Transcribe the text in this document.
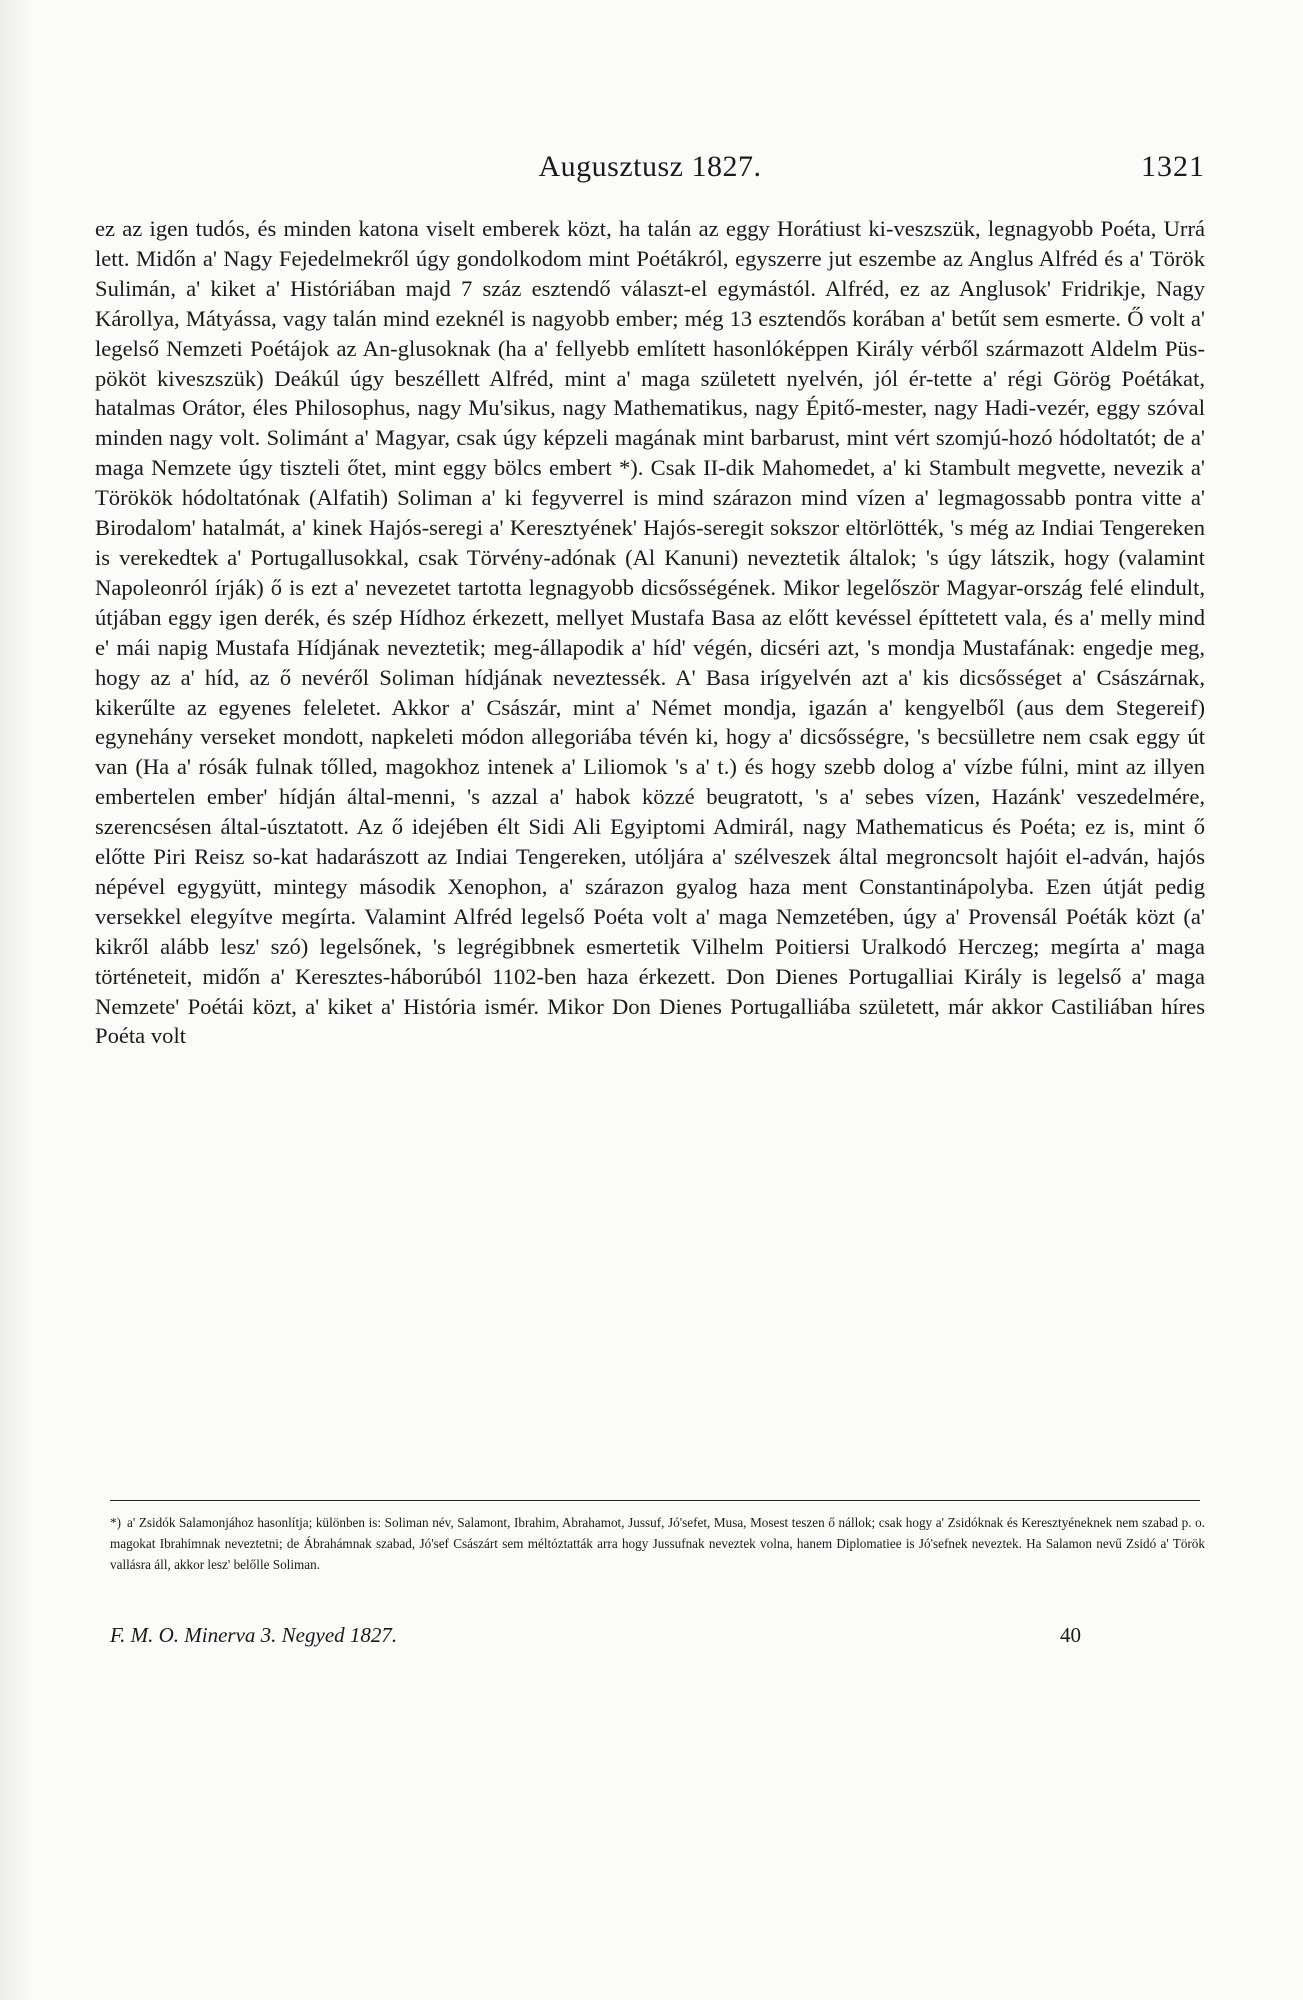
Augusztusz 1827.	1321

ez az igen tudós, és minden katona viselt emberek közt, ha talán az eggy Horátiust ki-veszszük, legnagyobb Poéta, Urrá lett. Midőn a' Nagy Fejedelmekről úgy gondolkodom mint Poétákról, egyszerre jut eszembe az Anglus Alfréd és a' Török Sulimán, a' kiket a' Históriában majd 7 száz esztendő választ-el egymástól. Alfréd, ez az Anglusok' Fridrikje, Nagy Károllya, Mátyássa, vagy talán mind ezeknél is nagyobb ember; még 13 esztendős korában a' betűt sem esmerte. Ő volt a' legelső Nemzeti Poétájok az An-glusoknak (ha a' fellyebb említett hasonlóképpen Király vérből származott Aldelm Püs-pököt kiveszszük) Deákúl úgy beszéllett Alfréd, mint a' maga született nyelvén, jól ér-tette a' régi Görög Poétákat, hatalmas Orátor, éles Philosophus, nagy Mu'sikus, nagy Mathematikus, nagy Épitő-mester, nagy Hadi-vezér, eggy szóval minden nagy volt. Solimánt a' Magyar, csak úgy képzeli magának mint barbarust, mint vért szomjú-hozó hódoltatót; de a' maga Nemzete úgy tiszteli őtet, mint eggy bölcs embert *). Csak II-dik Mahomedet, a' ki Stambult megvette, nevezik a' Törökök hódoltatónak (Alfatih) Soliman a' ki fegyverrel is mind szárazon mind vízen a' legmagossabb pontra vitte a' Birodalom' hatalmát, a' kinek Hajós-seregi a' Keresztyének' Hajós-seregit sokszor eltörlötték, 's még az Indiai Tengereken is verekedtek a' Portugallusokkal, csak Törvény-adónak (Al Kanuni) neveztetik általok; 's úgy látszik, hogy (valamint Napoleonról írják) ő is ezt a' nevezetet tartotta legnagyobb dicsősségének. Mikor legelőször Magyar-ország felé elindult, útjában eggy igen derék, és szép Hídhoz érkezett, mellyet Mustafa Basa az előtt kevéssel építtetett vala, és a' melly mind e' mái napig Mustafa Hídjának neveztetik; meg-állapodik a' híd' végén, dicséri azt, 's mondja Mustafának: engedje meg, hogy az a' híd, az ő nevéről Soliman hídjának neveztessék. A' Basa irígyelvén azt a' kis dicsősséget a' Császárnak, kikerűlte az egyenes feleletet. Akkor a' Császár, mint a' Német mondja, igazán a' kengyelből (aus dem Stegereif) egynehány verseket mondott, napkeleti módon allegoriába tévén ki, hogy a' dicsősségre, 's becsülletre nem csak eggy út van (Ha a' rósák fulnak tőlled, magokhoz intenek a' Liliomok 's a' t.) és hogy szebb dolog a' vízbe fúlni, mint az illyen embertelen ember' hídján által-menni, 's azzal a' habok közzé beugratott, 's a' sebes vízen, Hazánk' veszedelmére, szerencsésen által-úsztatott. Az ő idejében élt Sidi Ali Egyiptomi Admirál, nagy Mathematicus és Poéta; ez is, mint ő előtte Piri Reisz so-kat hadarászott az Indiai Tengereken, utóljára a' szélveszek által megroncsolt hajóit el-adván, hajós népével egygyütt, mintegy második Xenophon, a' szárazon gyalog haza ment Constantinápolyba. Ezen útját pedig versekkel elegyítve megírta. Valamint Alfréd legelső Poéta volt a' maga Nemzetében, úgy a' Provensál Poéták közt (a' kikről alább lesz' szó) legelsőnek, 's legrégibbnek esmertetik Vilhelm Poitiersi Uralkodó Herczeg; megírta a' maga történeteit, midőn a' Keresztes-háborúból 1102-ben haza érkezett. Don Dienes Portugalliai Király is legelső a' maga Nemzete' Poétái közt, a' kiket a' História ismér. Mikor Don Dienes Portugalliába született, már akkor Castiliában híres Poéta volt

*) a' Zsidók Salamonjához hasonlítja; különben is: Soliman név, Salamont, Ibrahim, Abrahamot, Jussuf, Jó'sefet, Musa, Mosest teszen ő nállok; csak hogy a' Zsidóknak és Keresztyéneknek nem szabad p. o. magokat Ibrahimnak neveztetni; de Ábrahámnak szabad, Jó'sef Császárt sem méltóztatták arra hogy Jussufnak neveztek volna, hanem Diplomatiee is Jó'sefnek neveztek. Ha Salamon nevű Zsidó a' Török vallásra áll, akkor lesz' belőlle Soliman.
F. M. O. Minerva 3. Negyed 1827.	40
